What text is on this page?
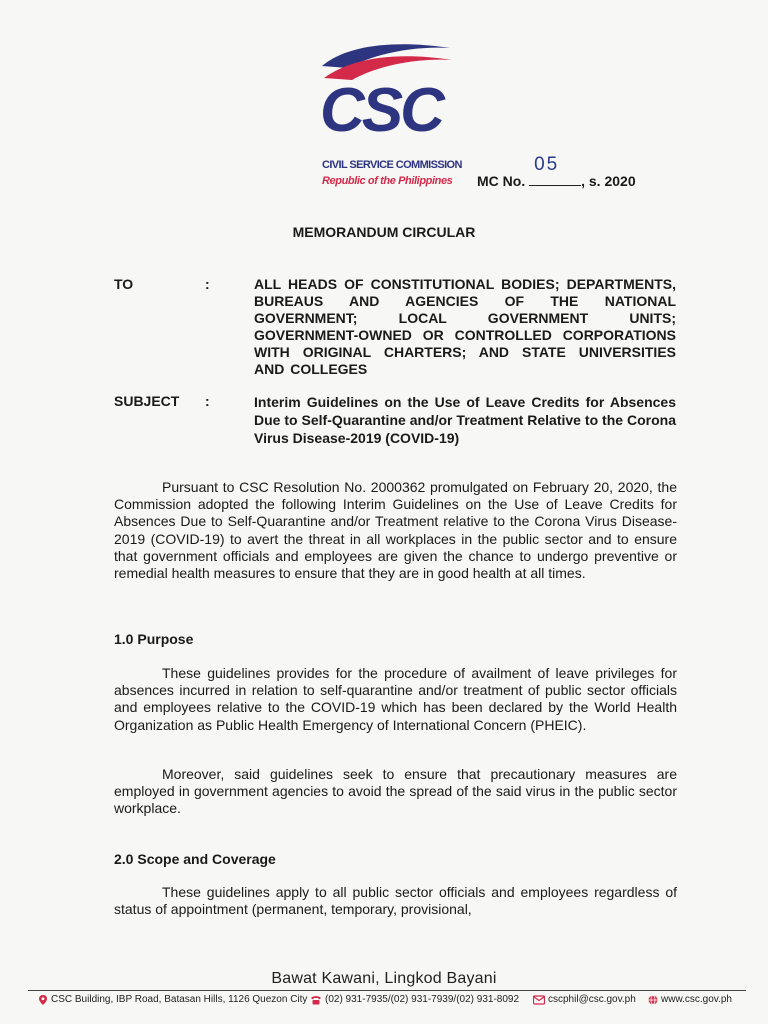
CSC
CIVIL SERVICE COMMISSION
Republic of the Philippines MC No.
05
, s. 2020
MEMORANDUM CIRCULAR
TO	:	ALL HEADS OF CONSTITUTIONAL BODIES; DEPARTMENTS, BUREAUS AND AGENCIES OF THE NATIONAL GOVERNMENT; LOCAL GOVERNMENT UNITS; GOVERNMENT-OWNED OR CONTROLLED CORPORATIONS WITH ORIGINAL CHARTERS; AND STATE UNIVERSITIES AND COLLEGES
SUBJECT :	Interim Guidelines on the Use of Leave Credits for Absences Due to Self-Quarantine and/or Treatment Relative to the Corona Virus Disease-2019 (COVID-19)
Pursuant to CSC Resolution No. 2000362 promulgated on February 20, 2020, the Commission adopted the following Interim Guidelines on the Use of Leave Credits for Absences Due to Self-Quarantine and/or Treatment relative to the Corona Virus Disease-2019 (COVID-19) to avert the threat in all workplaces in the public sector and to ensure that government officials and employees are given the chance to undergo preventive or remedial health measures to ensure that they are in good health at all times.
1.0 Purpose
These guidelines provides for the procedure of availment of leave privileges for absences incurred in relation to self-quarantine and/or treatment of public sector officials and employees relative to the COVID-19 which has been declared by the World Health Organization as Public Health Emergency of International Concern (PHEIC).
Moreover, said guidelines seek to ensure that precautionary measures are employed in government agencies to avoid the spread of the said virus in the public sector workplace.
2.0 Scope and Coverage
These guidelines apply to all public sector officials and employees regardless of status of appointment (permanent, temporary, provisional,
Bawat Kawani, Lingkod Bayani
CSC Building, IBP Road, Batasan Hills, 1126 Quezon City (02) 931-7935/(02) 931-7939/(02) 931-8092	cscphil@csc.gov.ph	www.csc.gov.ph
